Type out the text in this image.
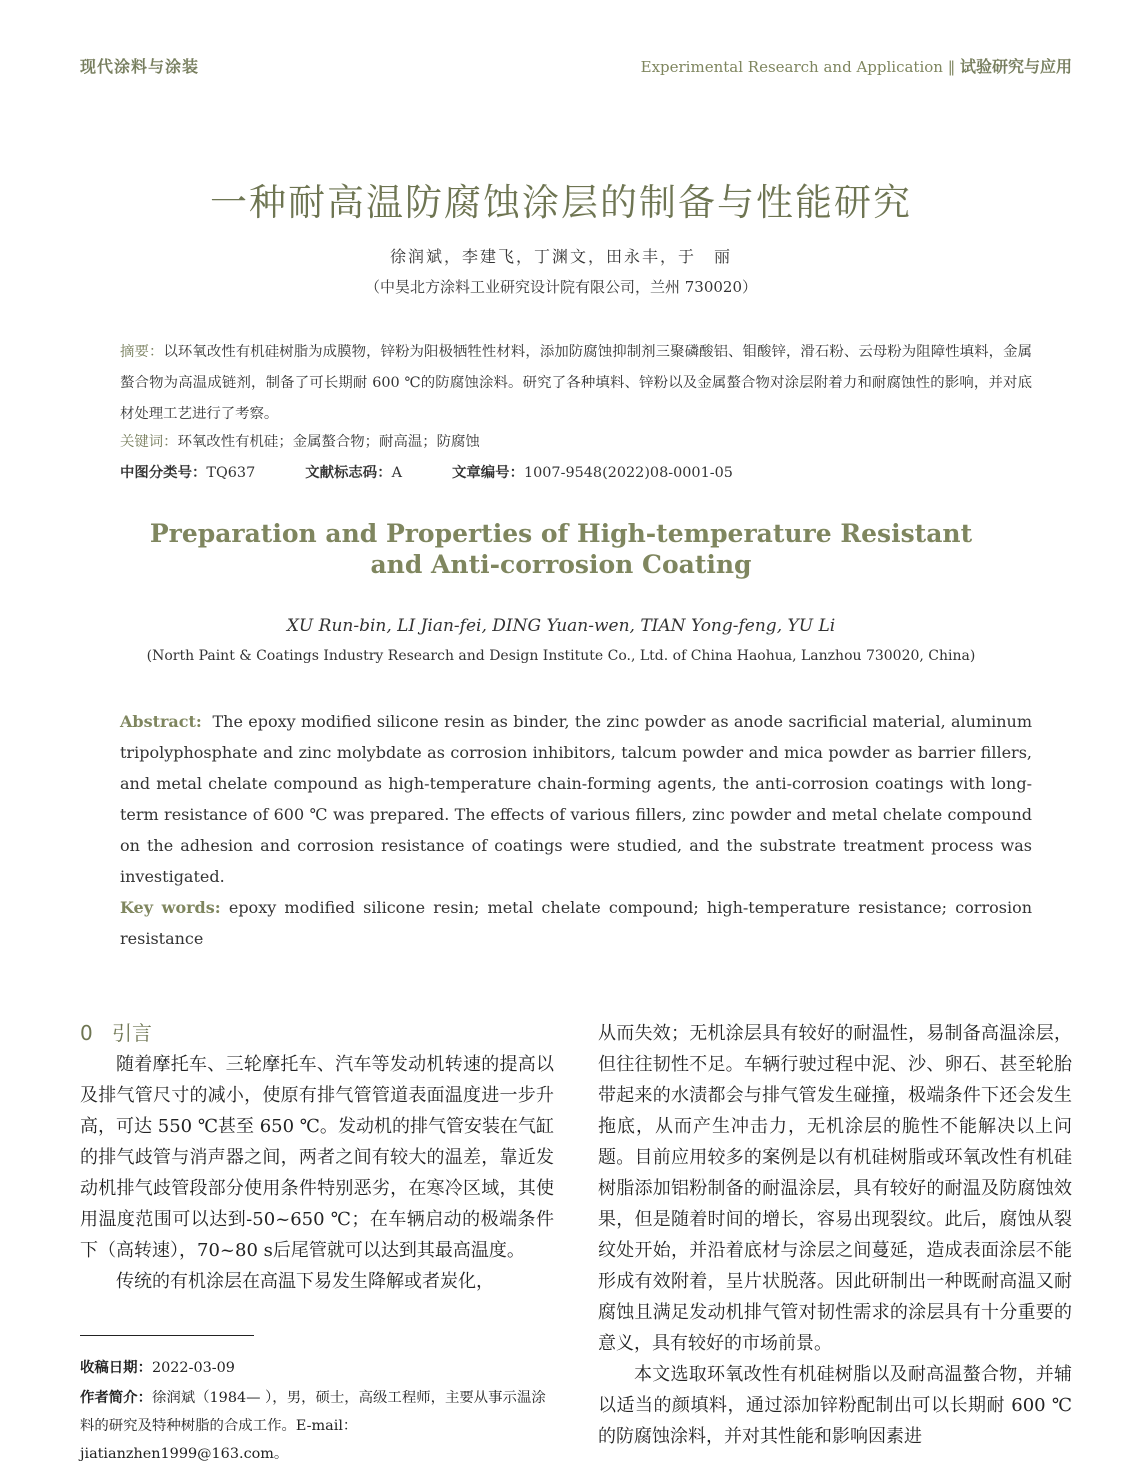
现代涂料与涂装	Experimental Research and Application ‖ 试验研究与应用
一种耐高温防腐蚀涂层的制备与性能研究
徐润斌，李建飞，丁渊文，田永丰，于　丽
（中昊北方涂料工业研究设计院有限公司，兰州 730020）
摘要：以环氧改性有机硅树脂为成膜物，锌粉为阳极牺牲性材料，添加防腐蚀抑制剂三聚磷酸铝、钼酸锌，滑石粉、云母粉为阻障性填料，金属螯合物为高温成链剂，制备了可长期耐 600 ℃的防腐蚀涂料。研究了各种填料、锌粉以及金属螯合物对涂层附着力和耐腐蚀性的影响，并对底材处理工艺进行了考察。
关键词：环氧改性有机硅；金属螯合物；耐高温；防腐蚀
中图分类号：TQ637	文献标志码：A	文章编号：1007-9548(2022)08-0001-05
Preparation and Properties of High-temperature Resistant
and Anti-corrosion Coating
XU Run-bin, LI Jian-fei, DING Yuan-wen, TIAN Yong-feng, YU Li
(North Paint & Coatings Industry Research and Design Institute Co., Ltd. of China Haohua, Lanzhou 730020, China)
Abstract: The epoxy modified silicone resin as binder, the zinc powder as anode sacrificial material, aluminum tripolyphosphate and zinc molybdate as corrosion inhibitors, talcum powder and mica powder as barrier fillers, and metal chelate compound as high-temperature chain-forming agents, the anti-corrosion coatings with long-term resistance of 600 ℃ was prepared. The effects of various fillers, zinc powder and metal chelate compound on the adhesion and corrosion resistance of coatings were studied, and the substrate treatment process was investigated.
Key words: epoxy modified silicone resin; metal chelate compound; high-temperature resistance; corrosion resistance
0 引言

随着摩托车、三轮摩托车、汽车等发动机转速的提高以及排气管尺寸的减小，使原有排气管管道表面温度进一步升高，可达 550 ℃甚至 650 ℃。发动机的排气管安装在气缸的排气歧管与消声器之间，两者之间有较大的温差，靠近发动机排气歧管段部分使用条件特别恶劣，在寒冷区域，其使用温度范围可以达到-50~650 ℃；在车辆启动的极端条件下（高转速），70~80 s后尾管就可以达到其最高温度。

传统的有机涂层在高温下易发生降解或者炭化，

收稿日期：2022-03-09
作者简介：徐润斌（1984— ），男，硕士，高级工程师，主要从事示温涂料的研究及特种树脂的合成工作。E-mail：jiatianzhen1999@163.com。

从而失效；无机涂层具有较好的耐温性，易制备高温涂层，但往往韧性不足。车辆行驶过程中泥、沙、卵石、甚至轮胎带起来的水渍都会与排气管发生碰撞，极端条件下还会发生拖底，从而产生冲击力，无机涂层的脆性不能解决以上问题。目前应用较多的案例是以有机硅树脂或环氧改性有机硅树脂添加铝粉制备的耐温涂层，具有较好的耐温及防腐蚀效果，但是随着时间的增长，容易出现裂纹。此后，腐蚀从裂纹处开始，并沿着底材与涂层之间蔓延，造成表面涂层不能形成有效附着，呈片状脱落。因此研制出一种既耐高温又耐腐蚀且满足发动机排气管对韧性需求的涂层具有十分重要的意义，具有较好的市场前景。

本文选取环氧改性有机硅树脂以及耐高温螯合物，并辅以适当的颜填料，通过添加锌粉配制出可以长期耐 600 ℃的防腐蚀涂料，并对其性能和影响因素进
